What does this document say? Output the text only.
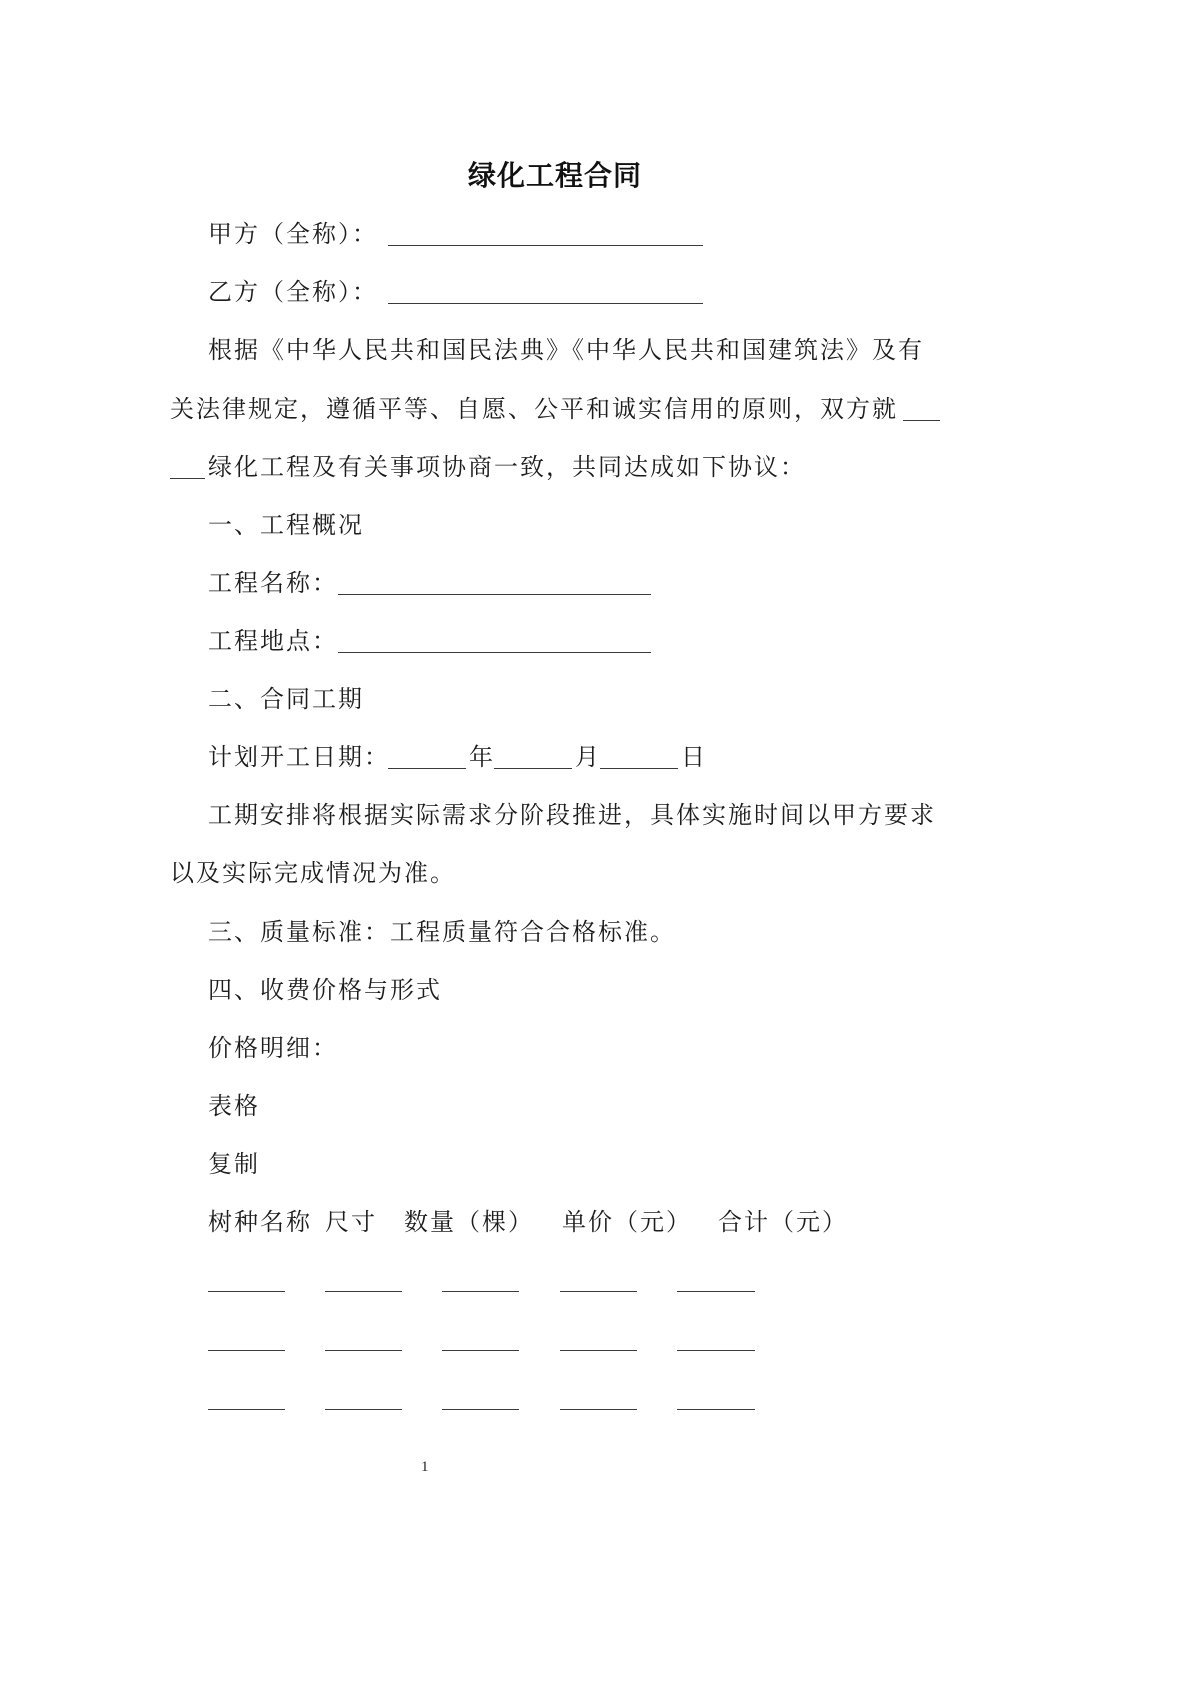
绿化工程合同
甲方（全称）：
乙方（全称）：
根据《中华人民共和国民法典》《中华人民共和国建筑法》及有
关法律规定，遵循平等、自愿、公平和诚实信用的原则，双方就
绿化工程及有关事项协商一致，共同达成如下协议：
一、工程概况
工程名称：
工程地点：
二、合同工期
计划开工日期：	年	月	日
工期安排将根据实际需求分阶段推进，具体实施时间以甲方要求
以及实际完成情况为准。
三、质量标准：工程质量符合合格标准。
四、收费价格与形式
价格明细：
表格
复制
树种名称 尺寸 数量（棵） 单价（元） 合计（元）
1
